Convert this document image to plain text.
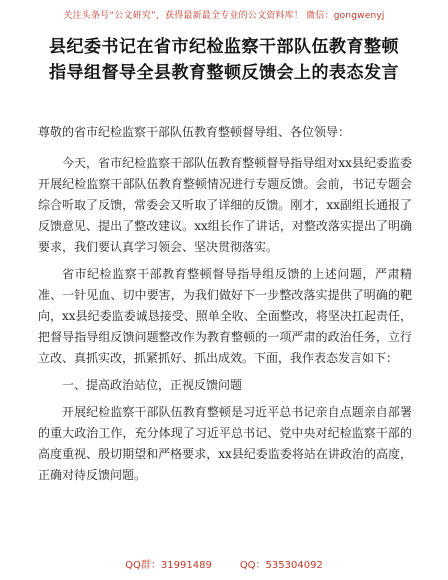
关注头条号“公文研究”，获得最新最全专业的公文资料库！ 微信：gongwenyj
县纪委书记在省市纪检监察干部队伍教育整顿
指导组督导全县教育整顿反馈会上的表态发言

尊敬的省市纪检监察干部队伍教育整顿督导组、各位领导：

今天，省市纪检监察干部队伍教育整顿督导指导组对xx县纪委监委开展纪检监察干部队伍教育整顿情况进行专题反馈。会前，书记专题会综合听取了反馈，常委会又听取了详细的反馈。刚才，xx副组长通报了反馈意见、提出了整改建议。xx组长作了讲话，对整改落实提出了明确要求，我们要认真学习领会、坚决贯彻落实。

省市纪检监察干部教育整顿督导指导组反馈的上述问题，严肃精准、一针见血、切中要害，为我们做好下一步整改落实提供了明确的靶向，xx县纪委监委诚恳接受、照单全收、全面整改，将坚决扛起责任，把督导指导组反馈问题整改作为教育整顿的一项严肃的政治任务，立行立改、真抓实改，抓紧抓好、抓出成效。下面，我作表态发言如下：

一、提高政治站位，正视反馈问题

开展纪检监察干部队伍教育整顿是习近平总书记亲自点题亲自部署的重大政治工作，充分体现了习近平总书记、党中央对纪检监察干部的高度重视、殷切期望和严格要求，xx县纪委监委将站在讲政治的高度，正确对待反馈问题。

QQ群：31991489	QQ：535304092
